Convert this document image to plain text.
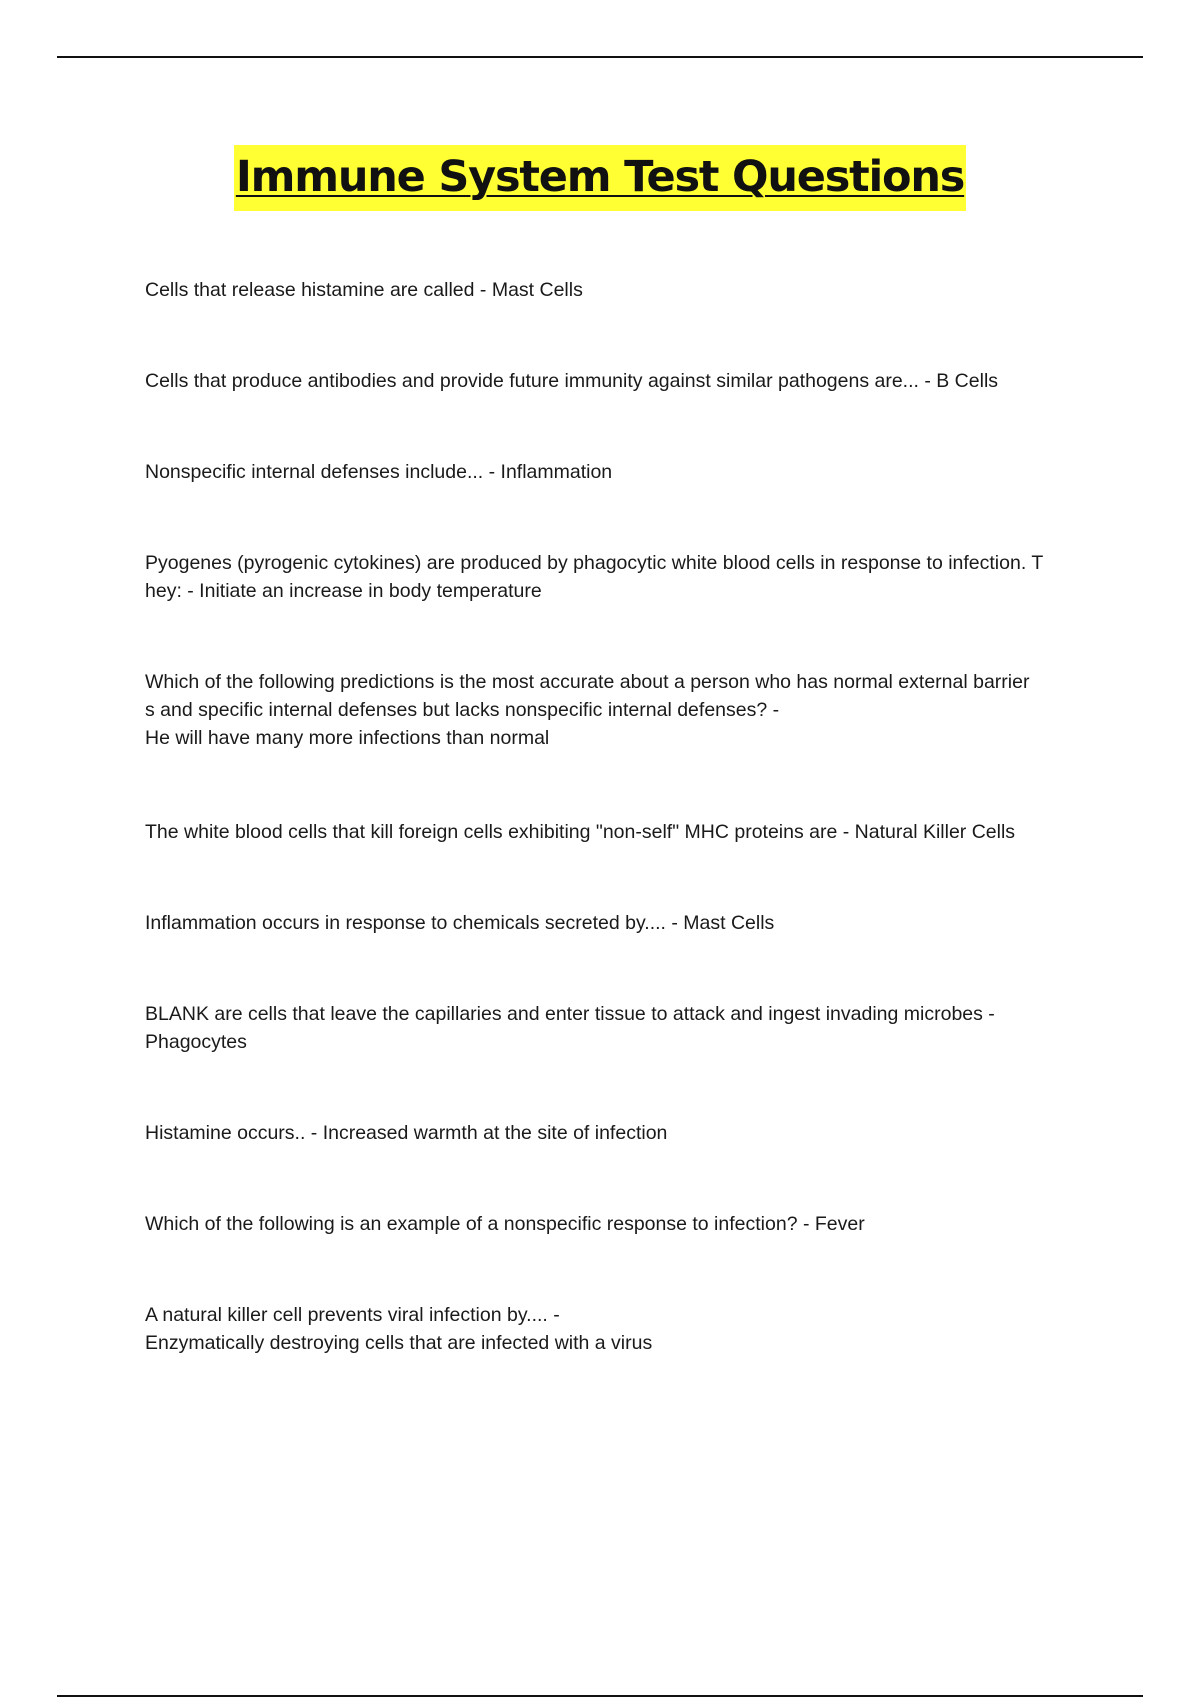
Immune System Test Questions

Cells that release histamine are called - Mast Cells

Cells that produce antibodies and provide future immunity against similar pathogens are... - B Cells

Nonspecific internal defenses include... - Inflammation

Pyogenes (pyrogenic cytokines) are produced by phagocytic white blood cells in response to infection. T
hey: - Initiate an increase in body temperature

Which of the following predictions is the most accurate about a person who has normal external barrier
s and specific internal defenses but lacks nonspecific internal defenses? -
He will have many more infections than normal

The white blood cells that kill foreign cells exhibiting "non-self" MHC proteins are - Natural Killer Cells

Inflammation occurs in response to chemicals secreted by.... - Mast Cells

BLANK are cells that leave the capillaries and enter tissue to attack and ingest invading microbes -
Phagocytes

Histamine occurs.. - Increased warmth at the site of infection

Which of the following is an example of a nonspecific response to infection? - Fever

A natural killer cell prevents viral infection by.... -
Enzymatically destroying cells that are infected with a virus
